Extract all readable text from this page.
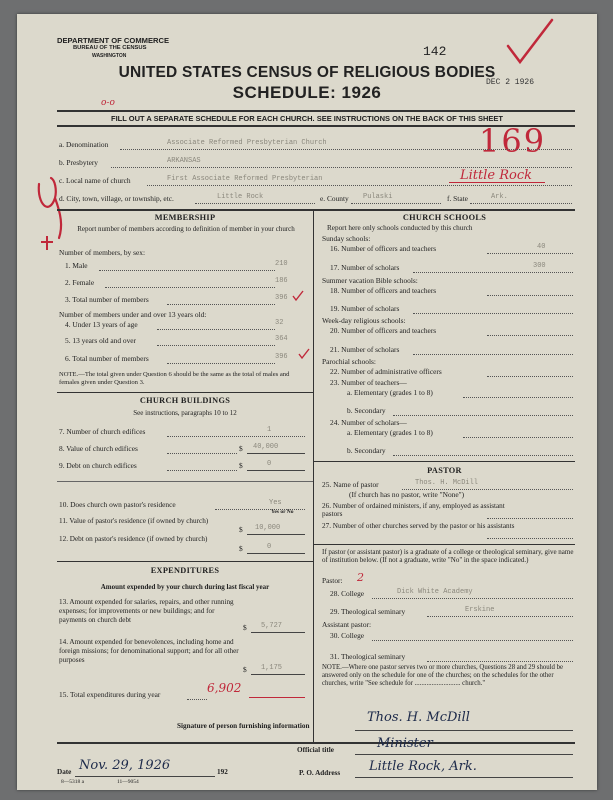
DEPARTMENT OF COMMERCE
BUREAU OF THE CENSUS
WASHINGTON	142
UNITED STATES CENSUS OF RELIGIOUS BODIES
SCHEDULE: 1926
DEC 2 1926
o-o
FILL OUT A SEPARATE SCHEDULE FOR EACH CHURCH. SEE INSTRUCTIONS ON THE BACK OF THIS SHEET
169
a. Denomination	Associate Reformed Presbyterian Church
b. Presbytery	ARKANSAS
c. Local name of church	First Associate Reformed Presbyterian	Little Rock
d. City, town, village, or township, etc.	Little Rock	e. County Pulaski	f. State	Ark.
MEMBERSHIP
Report number of members according to definition of member in your church
Number of members, by sex:
1. Male	210
2. Female	186
3. Total number of members	396
Number of members under and over 13 years old:
4. Under 13 years of age	32
5. 13 years old and over	364
6. Total number of members	396
NOTE.—The total given under Question 6 should be the same as the total of males and females given under Question 3.
CHURCH BUILDINGS
See instructions, paragraphs 10 to 12
7. Number of church edifices	1
8. Value of church edifices	$ 40,000
9. Debt on church edifices	$	0
10. Does church own pastor's residence	Yes
Yes or No
11. Value of pastor's residence (if owned by church)
$ 10,000
12. Debt on pastor's residence (if owned by church)
$	0
EXPENDITURES
Amount expended by your church during last fiscal year
13. Amount expended for salaries, repairs, and other running expenses; for improvements or new buildings; and for payments on church debt
$ 5,727
14. Amount expended for benevolences, including home and foreign missions; for denominational support; and for all other purposes
$ 1,175
15. Total expenditures during year	6,902
CHURCH SCHOOLS
Report here only schools conducted by this church
Sunday schools:
16. Number of officers and teachers	40
17. Number of scholars	300
Summer vacation Bible schools:
18. Number of officers and teachers
19. Number of scholars
Week-day religious schools:
20. Number of officers and teachers
21. Number of scholars
Parochial schools:
22. Number of administrative officers
23. Number of teachers—
a. Elementary (grades 1 to 8)
b. Secondary
24. Number of scholars—
a. Elementary (grades 1 to 8)
b. Secondary
PASTOR
25. Name of pastor	Thos. H. McDill
(If church has no pastor, write "None")
26. Number of ordained ministers, if any, employed as assistant pastors
27. Number of other churches served by the pastor or his assistants
If pastor (or assistant pastor) is a graduate of a college or theological seminary, give name of institution below. (If not a graduate, write "No" in the space indicated.)
Pastor: 2
28. College	Dick White Academy
29. Theological seminary	Erskine
Assistant pastor:
30. College
31. Theological seminary
NOTE.—Where one pastor serves two or more churches, Questions 28 and 29 should be answered only on the schedule for one of the churches; on the schedules for the other churches, write "See schedule for ........................... church."
Signature of person furnishing information
Thos. H. McDill
Official title	Minister
Date Nov. 29, 1926	192	P. O. Address Little Rock, Ark.
8—5318 a	11—9054
